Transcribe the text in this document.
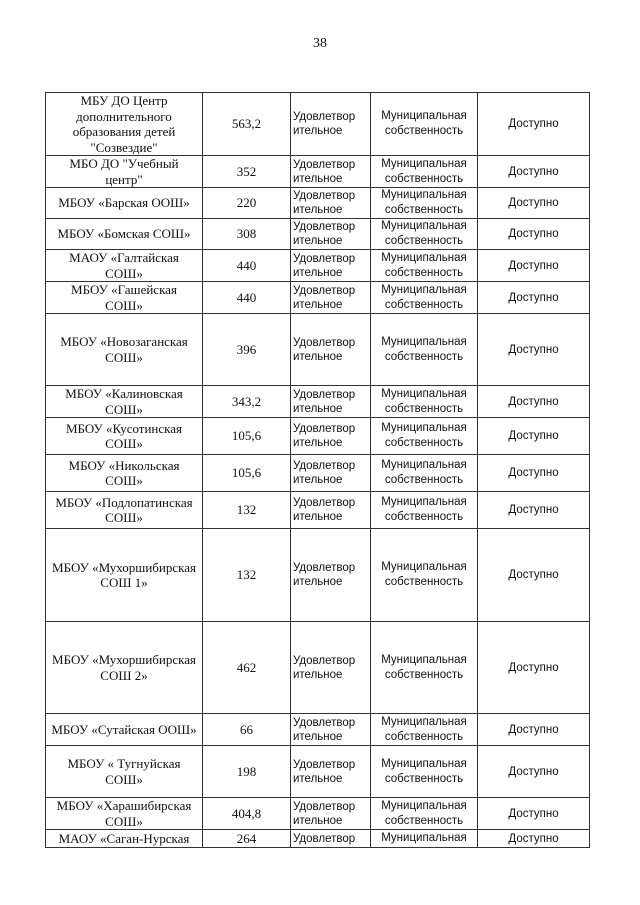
38
МБУ ДО Центр
дополнительного
образования детей
"Созвездие"	563,2	Удовлетвор
ительное	Муниципальная
собственность	Доступно

МБО ДО "Учебный
центр"	352	Удовлетвор
ительное	Муниципальная
собственность	Доступно

МБОУ «Барская ООШ»	220	Удовлетвор
ительное	Муниципальная
собственность	Доступно

МБОУ «Бомская СОШ»	308	Удовлетвор
ительное	Муниципальная
собственность	Доступно

МАОУ «Галтайская
СОШ»	440	Удовлетвор
ительное	Муниципальная
собственность	Доступно

МБОУ «Гашейская
СОШ»	440	Удовлетвор
ительное	Муниципальная
собственность	Доступно

МБОУ «Новозаганская
СОШ»	396	Удовлетвор
ительное	Муниципальная
собственность	Доступно

МБОУ «Калиновская
СОШ»	343,2	Удовлетвор
ительное	Муниципальная
собственность	Доступно

МБОУ «Кусотинская
СОШ»	105,6	Удовлетвор
ительное	Муниципальная
собственность	Доступно

МБОУ «Никольская
СОШ»	105,6	Удовлетвор
ительное	Муниципальная
собственность	Доступно

МБОУ «Подлопатинская
СОШ»	132	Удовлетвор
ительное	Муниципальная
собственность	Доступно

МБОУ «Мухоршибирская
СОШ 1»	132	Удовлетвор
ительное	Муниципальная
собственность	Доступно

МБОУ «Мухоршибирская
СОШ 2»	462	Удовлетвор
ительное	Муниципальная
собственность	Доступно

МБОУ «Сутайская ООШ»	66	Удовлетвор
ительное	Муниципальная
собственность	Доступно

МБОУ « Тугнуйская
СОШ»	198	Удовлетвор
ительное	Муниципальная
собственность	Доступно

МБОУ «Харашибирская
СОШ»	404,8	Удовлетвор
ительное	Муниципальная
собственность	Доступно

МАОУ «Саган-Нурская	264	Удовлетвор	Муниципальная	Доступно
